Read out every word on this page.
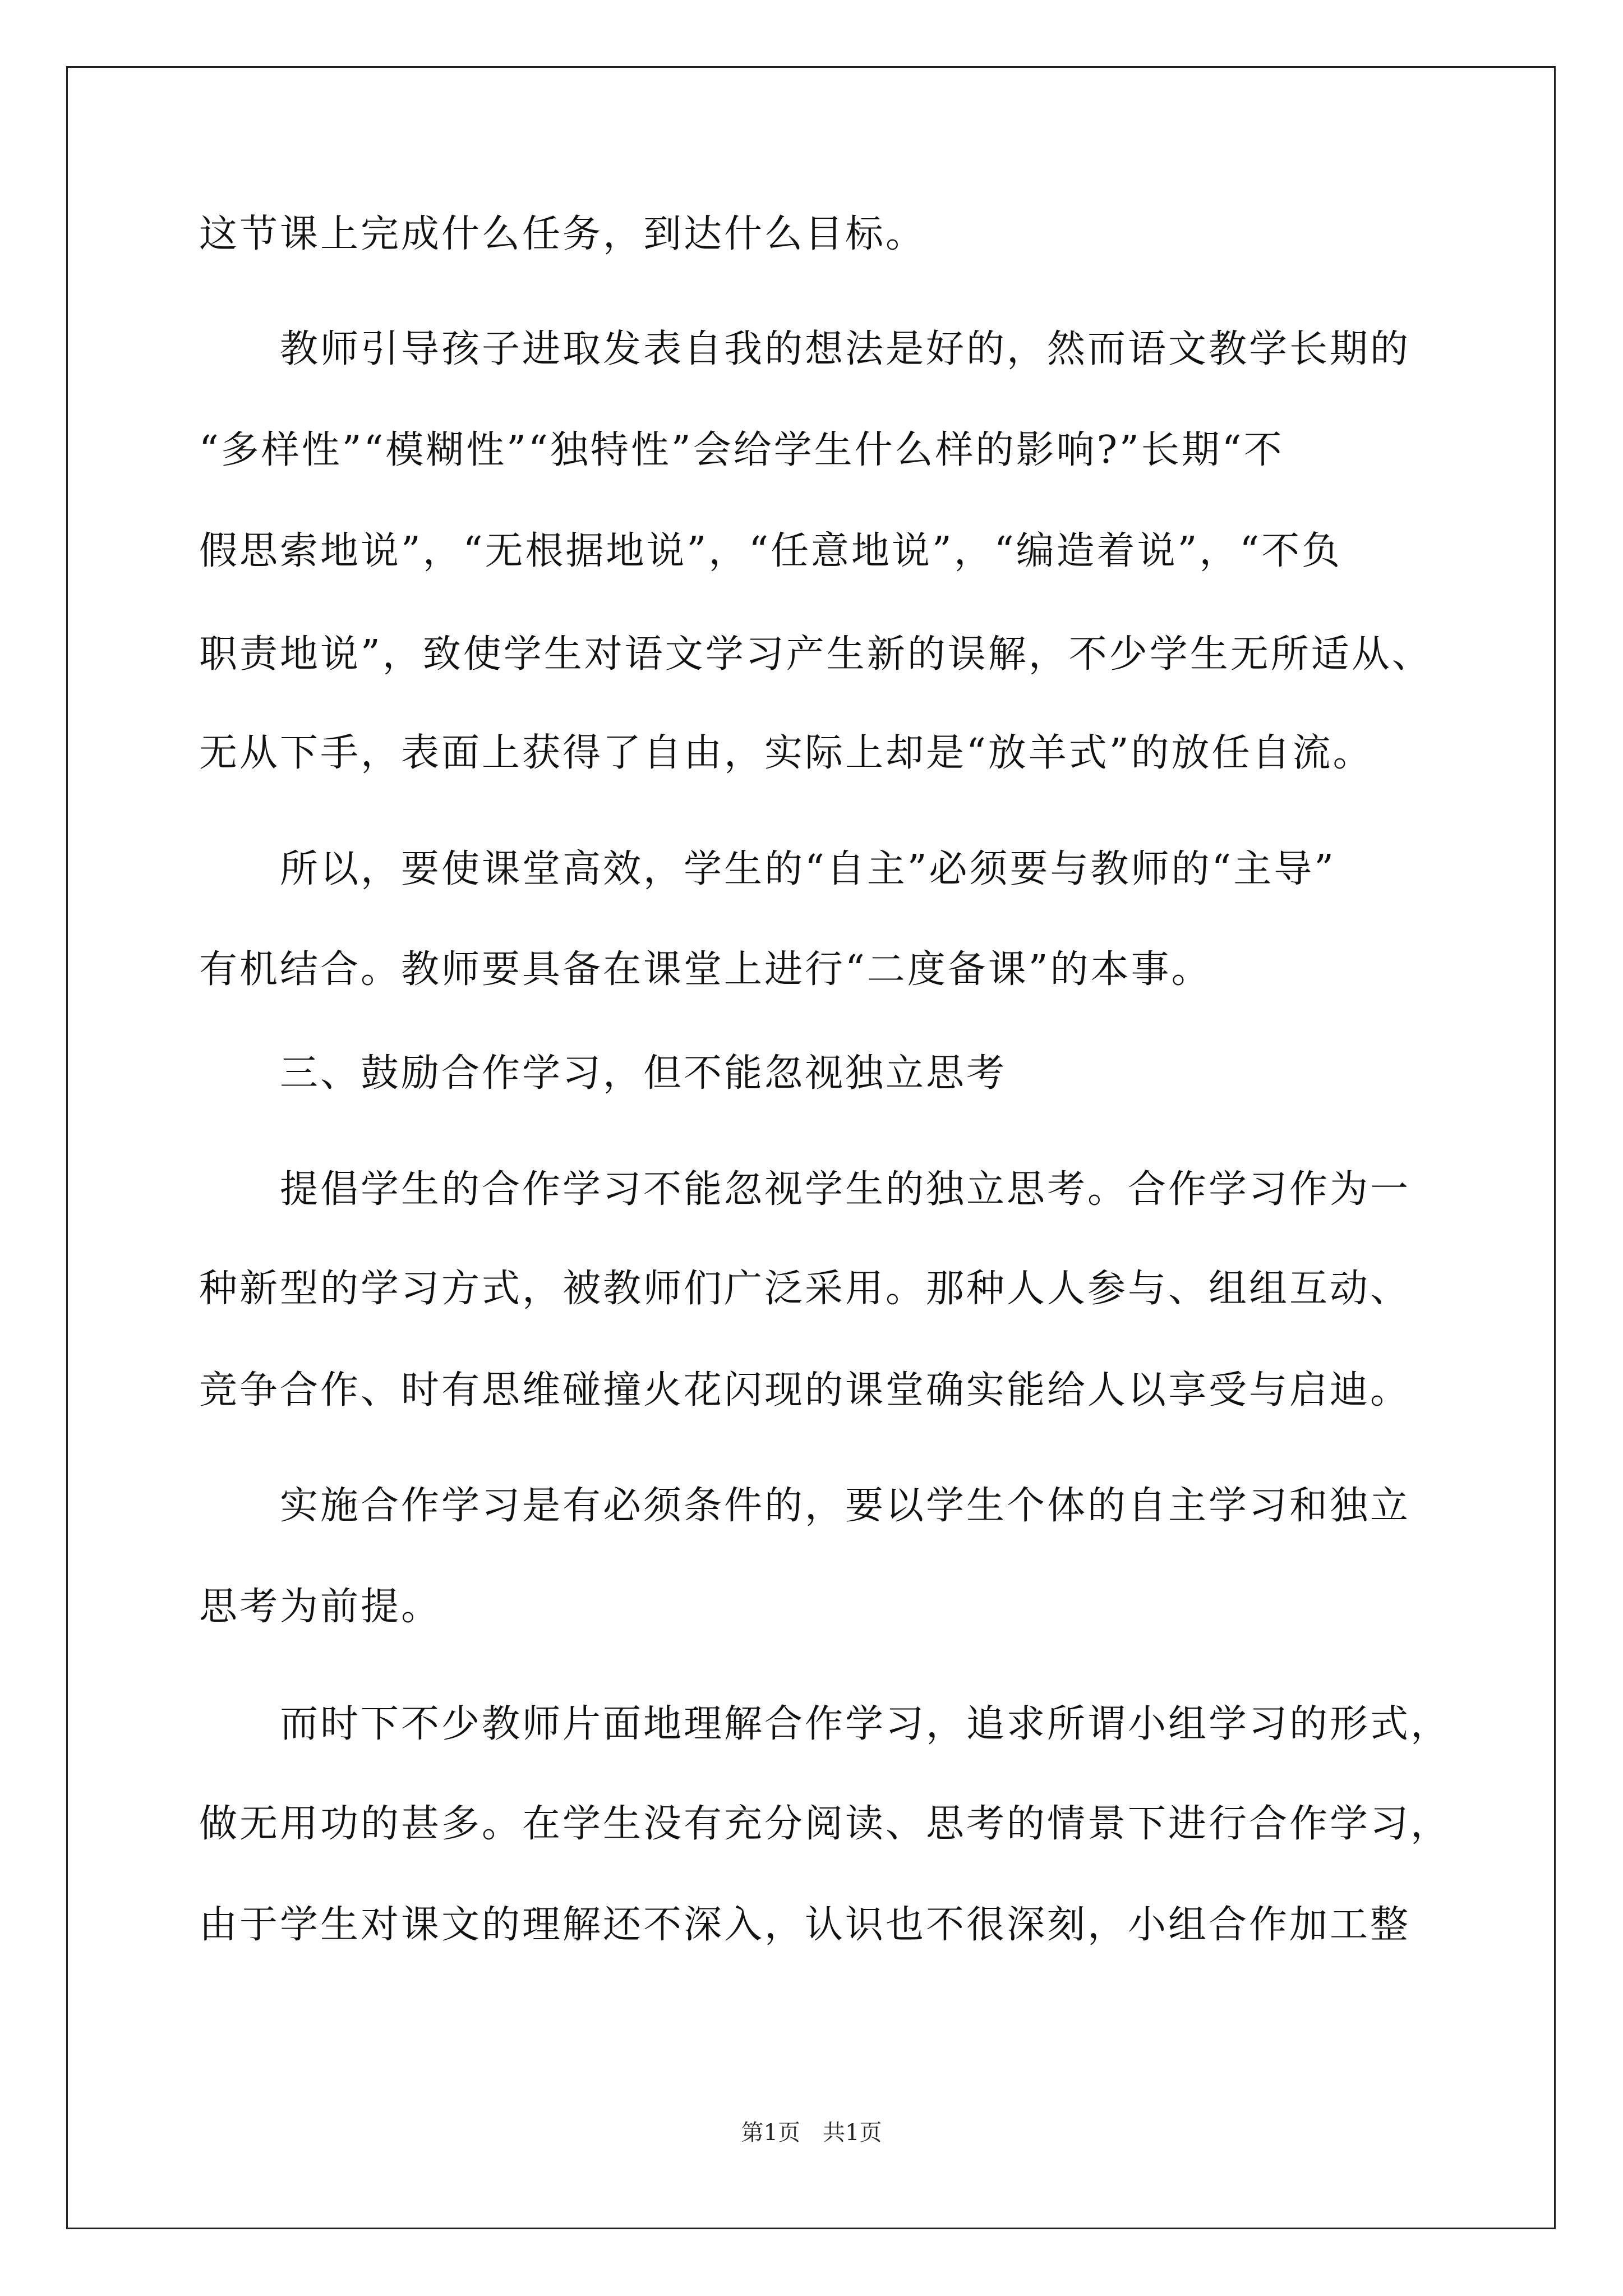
这节课上完成什么任务，到达什么目标。
教师引导孩子进取发表自我的想法是好的，然而语文教学长期的
“多样性”“模糊性”“独特性”会给学生什么样的影响?”长期“不
假思索地说”，“无根据地说”，“任意地说”，“编造着说”，“不负
职责地说”，致使学生对语文学习产生新的误解，不少学生无所适从、
无从下手，表面上获得了自由，实际上却是“放羊式”的放任自流。
所以，要使课堂高效，学生的“自主”必须要与教师的“主导”
有机结合。教师要具备在课堂上进行“二度备课”的本事。
三、鼓励合作学习，但不能忽视独立思考
提倡学生的合作学习不能忽视学生的独立思考。合作学习作为一
种新型的学习方式，被教师们广泛采用。那种人人参与、组组互动、
竞争合作、时有思维碰撞火花闪现的课堂确实能给人以享受与启迪。
实施合作学习是有必须条件的，要以学生个体的自主学习和独立
思考为前提。
而时下不少教师片面地理解合作学习，追求所谓小组学习的形式，
做无用功的甚多。在学生没有充分阅读、思考的情景下进行合作学习，
由于学生对课文的理解还不深入，认识也不很深刻，小组合作加工整
第1页 共1页
